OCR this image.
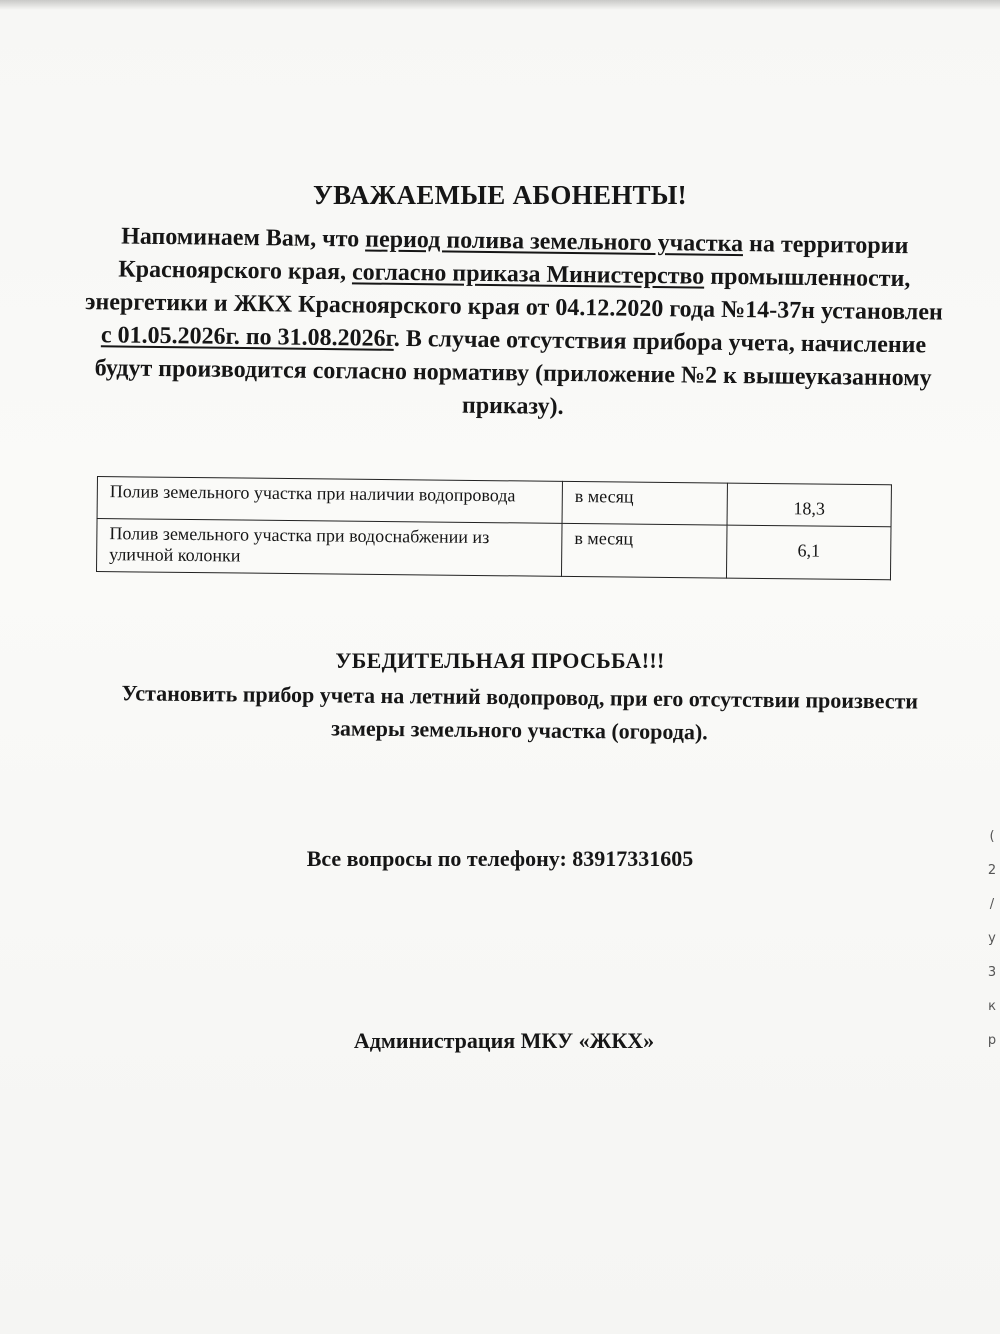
УВАЖАЕМЫЕ АБОНЕНТЫ!
Напоминаем Вам, что период полива земельного участка на территории Красноярского края, согласно приказа Министерство промышленности, энергетики и ЖКХ Красноярского края от 04.12.2020 года №14-37н установлен с 01.05.2026г. по 31.08.2026г. В случае отсутствия прибора учета, начисление будут производится согласно нормативу (приложение №2 к вышеуказанному приказу).
Полив земельного участка при наличии водопровода	в месяц	18,3
Полив земельного участка при водоснабжении из уличной колонки	в месяц	6,1
УБЕДИТЕЛЬНАЯ ПРОСЬБА!!!
Установить прибор учета на летний водопровод, при его отсутствии произвести замеры земельного участка (огорода).
Все вопросы по телефону: 83917331605
Администрация МКУ «ЖКХ»
(
2
/
у
3
к
р
